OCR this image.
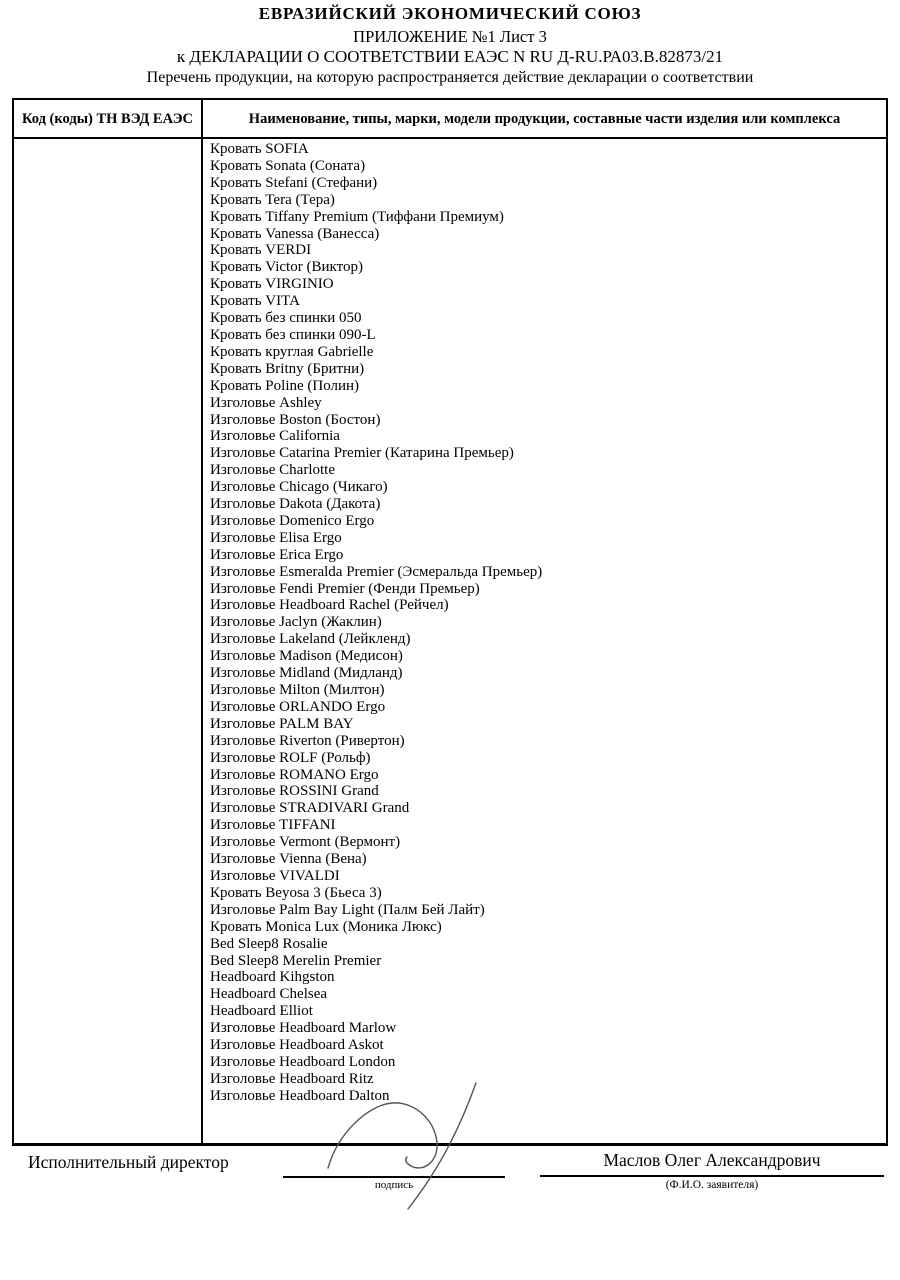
ЕВРАЗИЙСКИЙ ЭКОНОМИЧЕСКИЙ СОЮЗ
ПРИЛОЖЕНИЕ №1 Лист 3
к ДЕКЛАРАЦИИ О СООТВЕТСТВИИ ЕАЭС N RU Д-RU.РА03.В.82873/21
Перечень продукции, на которую распространяется действие декларации о соответствии
Код (коды) ТН ВЭД ЕАЭС	Наименование, типы, марки, модели продукции, составные части изделия или комплекса
Кровать SOFIA
Кровать Sonata (Соната)
Кровать Stefani (Стефани)
Кровать Tera (Тера)
Кровать Tiffany Premium (Тиффани Премиум)
Кровать Vanessa (Ванесса)
Кровать VERDI
Кровать Victor (Виктор)
Кровать VIRGINIO
Кровать VITA
Кровать без спинки 050
Кровать без спинки 090-L
Кровать круглая Gabrielle
Кровать Britny (Бритни)
Кровать Poline (Полин)
Изголовье Ashley
Изголовье Boston (Бостон)
Изголовье California
Изголовье Catarina Premier (Катарина Премьер)
Изголовье Charlotte
Изголовье Chicago (Чикаго)
Изголовье Dakota (Дакота)
Изголовье Domenico Ergo
Изголовье Elisa Ergo
Изголовье Erica Ergo
Изголовье Esmeralda Premier (Эсмеральда Премьер)
Изголовье Fendi Premier (Фенди Премьер)
Изголовье Headboard Rachel (Рейчел)
Изголовье Jaclyn (Жаклин)
Изголовье Lakeland (Лейкленд)
Изголовье Madison (Медисон)
Изголовье Midland (Мидланд)
Изголовье Milton (Милтон)
Изголовье ORLANDO Ergo
Изголовье PALM BAY
Изголовье Riverton (Ривертон)
Изголовье ROLF (Рольф)
Изголовье ROMANO Ergo
Изголовье ROSSINI Grand
Изголовье STRADIVARI Grand
Изголовье TIFFANI
Изголовье Vermont (Вермонт)
Изголовье Vienna (Вена)
Изголовье VIVALDI
Кровать Beyosa 3 (Бьеса 3)
Изголовье Palm Bay Light (Палм Бей Лайт)
Кровать Monica Lux (Моника Люкс)
Bed Sleep8 Rosalie
Bed Sleep8 Merelin Premier
Headboard Kihgston
Headboard Chelsea
Headboard Elliot
Изголовье Headboard Marlow
Изголовье Headboard Askot
Изголовье Headboard London
Изголовье Headboard Ritz
Изголовье Headboard Dalton
Исполнительный директор
подпись
Маслов Олег Александрович
(Ф.И.О. заявителя)
